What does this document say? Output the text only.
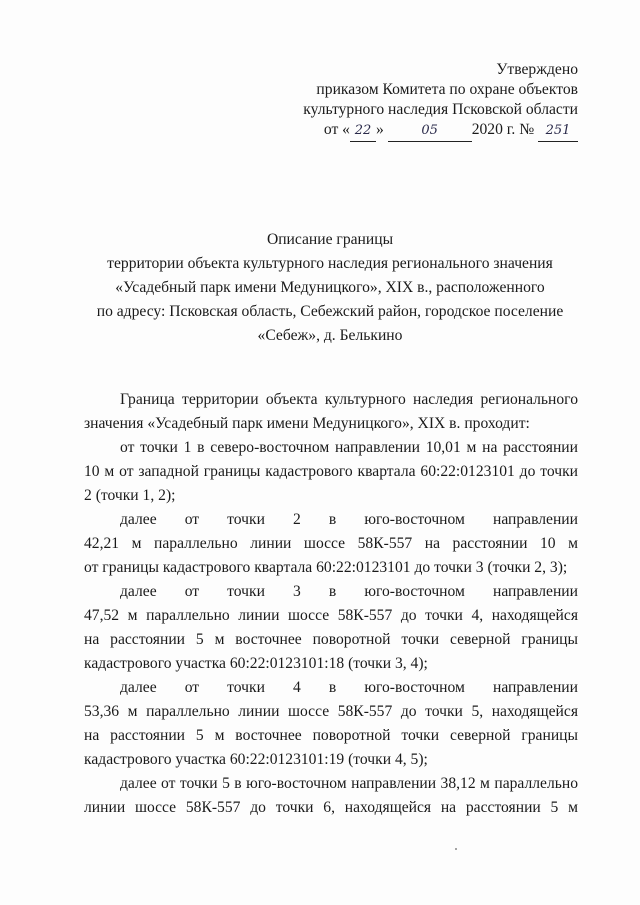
Утверждено
приказом Комитета по охране объектов
культурного наследия Псковской области
от « 22 »	05 2020 г. № 251
Описание границы
территории объекта культурного наследия регионального значения
«Усадебный парк имени Медуницкого», XIX в., расположенного
по адресу: Псковская область, Себежский район, городское поселение
«Себеж», д. Белькино

Граница территории объекта культурного наследия регионального
значения «Усадебный парк имени Медуницкого», XIX в. проходит:

от точки 1 в северо-восточном направлении 10,01 м на расстоянии
10 м от западной границы кадастрового квартала 60:22:0123101 до точки
2 (точки 1, 2);

далее от точки 2 в юго-восточном направлении
42,21 м параллельно линии шоссе 58К-557 на расстоянии 10 м
от границы кадастрового квартала 60:22:0123101 до точки 3 (точки 2, 3);

далее от точки 3 в юго-восточном направлении
47,52 м параллельно линии шоссе 58К-557 до точки 4, находящейся
на расстоянии 5 м восточнее поворотной точки северной границы
кадастрового участка 60:22:0123101:18 (точки 3, 4);

далее от точки 4 в юго-восточном направлении
53,36 м параллельно линии шоссе 58К-557 до точки 5, находящейся
на расстоянии 5 м восточнее поворотной точки северной границы
кадастрового участка 60:22:0123101:19 (точки 4, 5);

далее от точки 5 в юго-восточном направлении 38,12 м параллельно
линии шоссе 58К-557 до точки 6, находящейся на расстоянии 5 м
